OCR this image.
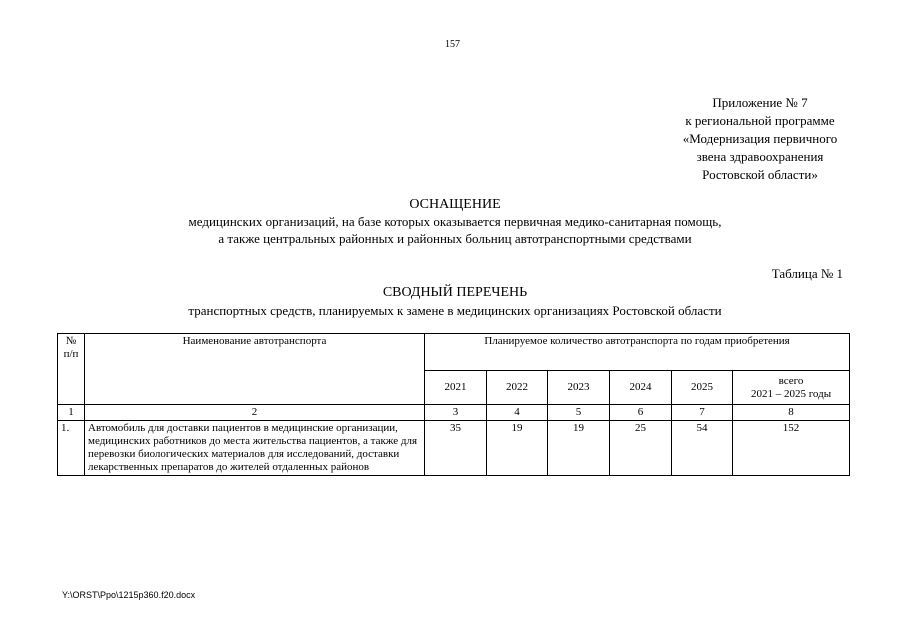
157
Приложение № 7
к региональной программе
«Модернизация первичного
звена здравоохранения
Ростовской области»
ОСНАЩЕНИЕ
медицинских организаций, на базе которых оказывается первичная медико-санитарная помощь,
а также центральных районных и районных больниц автотранспортными средствами
Таблица № 1
СВОДНЫЙ ПЕРЕЧЕНЬ
транспортных средств, планируемых к замене в медицинских организациях Ростовской области
№
п/п	Наименование автотранспорта	Планируемое количество автотранспорта по годам приобретения					
		2021	2022	2023	2024	2025	всего
2021 – 2025 годы
1	2	3	4	5	6	7	8
1.	Автомобиль для доставки пациентов в медицинские организации, медицинских работников до места жительства пациентов, а также для перевозки биологических материалов для исследований, доставки лекарственных препаратов до жителей отдаленных районов	35	19	19	25	54	152
Y:\ORST\Ppo\1215p360.f20.docx
